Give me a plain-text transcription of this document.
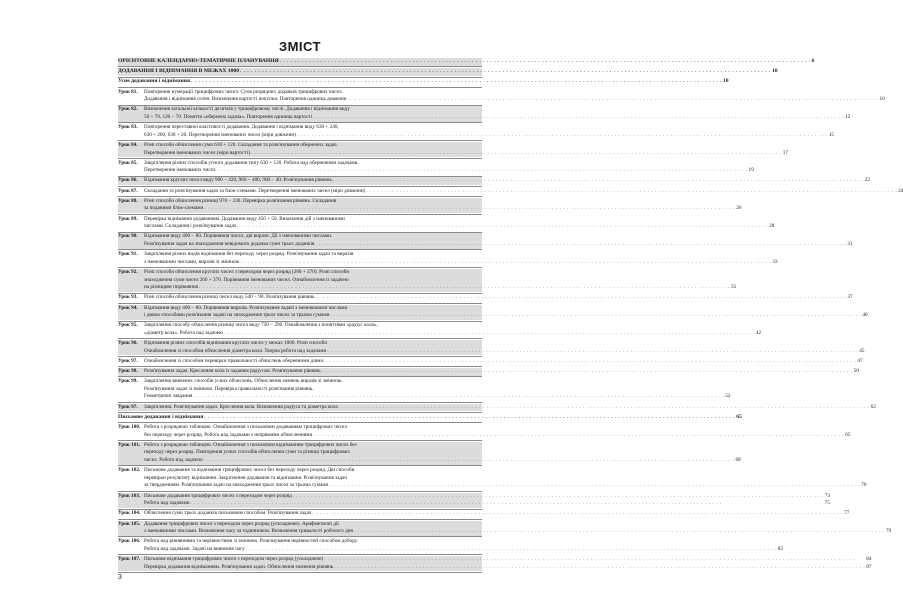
ЗМІСТ
ОРІЄНТОВНЕ КАЛЕНДАРНО-ТЕМАТИЧНЕ ПЛАНУВАННЯ . . .	6
ДОДАВАННЯ І ВІДНІМАННЯ В МЕЖАХ 1000 . . .	10
Усне додавання і віднімання . . .	10
Урок 81.	Повторення нумерації трицифрових чисел. Сума розрядних доданків трицифрових чисел.
Додавання і віднімання сотен. Визначення вартості покупки. Повторення одиниць довжини . . .	10
Урок 82.	Визначення загальної кількості десятків у трицифровому числі. Додавання і віднімання виду
50 + 70, 120 − 70. Поняття «обернена задача». Повторення одиниць вартості . . .	12
Урок 83.	Повторення переставної властивості додавання. Додавання і віднімання виду 630 + 240,
630 + 200, 630 + 20. Перетворення іменованих чисел (міри довжини) . . .	15
Урок 84.	Різні способи обчислення суми 630 + 120. Складання та розв'язування обернених задач.
Перетворення іменованих чисел (міри вартості) . . .	17
Урок 85.	Закріплення різних способів усного додавання типу 630 + 120. Робота над оберненими задачами.
Перетворення іменованих чисел . . .	19
Урок 86.	Віднімання круглих чисел виду 960 − 420, 960 − 400, 960 − 40. Розв'язування рівнянь . . .	22
Урок 87.	Складання та розв'язування задач за блок-схемами. Перетворення іменованих чисел (міри довжини) . . .	24
Урок 88.	Різні способи обчислення різниці 970 − 230. Перевірка розв'язання рівнянь. Складання
за поданими блок-схемами . . .	26
Урок 89.	Перевірка віднімання додаванням. Додавання виду 450 + 50. Виконання дій з іменованими
числами. Складання і розв'язування задач . . .	28
Урок 90.	Віднімання виду 400 − 80. Порівняння чисел, дві вирази. Дії з іменованими числами.
Розв'язування задач на знаходження невідомого доданка суми трьох доданків . . .	31
Урок 91.	Закріплення різних видів віднімання без переходу через розряд. Розв'язування задач та виразів
з іменованими числами, виразів зі змінною . . .	33
Урок 92.	Різні способи обчислення круглих чисел з переходом через розряд (260 + 370). Різні способи
знаходження суми чисел 260 + 370. Порівняння іменованих чисел. Ознайомлення із задачею
на різницеве порівняння . . .	35
Урок 93.	Різні способи обчислення різниці чисел виду 540 − 90. Розв'язування рівнянь . . .	37
Урок 94.	Віднімання виду 400 − 80. Порівняння виразів. Розв'язування задачі з іменованими числами
і двома способами розв'язання задачі на знаходження трьох чисел за трьома сумами . . .	40
Урок 95.	Закріплення способу обчислення різниці чисел виду 730 − 290. Ознайомлення з поняттями «радіус кола»,
«діаметр кола». Робота над задачею . . .	42
Урок 96.	Віднімання різних способів віднімання круглих чисел у межах 1000. Різні способи
Ознайомлення зі способом обчислення діаметра кола. Творча робота над задачами . . .	45
Урок 97.	Ознайомлення зі способом перевірки правильності обчислень оберненими діями. . . .	47
Урок 98.	Розв'язування задач. Креслення кола із заданим радіусом. Розв'язування рівнянь . . .	50
Урок 99.	Закріплення вивчених способів усних обчислень. Обчислення значень виразів зі змінною.
Розв'язування задач зі змінною. Перевірка правильності розв'язання рівнянь.
Геометричні завдання . . .	52
Урок 97.	Закріплення. Розв'язування задач. Креслення кола. Визначення радіуса та діаметра кола . . .	62
Письмове додавання і віднімання . . .	65
Урок 100. Робота з розрядною таблицею. Ознайомлення з письмовим додаванням трицифрових чисел
без переходу через розряд. Робота над задачами з непрямими обчисленнями . . .	65
Урок 101. Робота з розрядною таблицею. Ознайомлення з письмовим відніманням трицифрових чисел без
переходу через розряд. Повторення усних способів обчислення суми та різниці трицифрових
чисел. Робота над задачею . . .	68
Урок 102. Письмове додавання та віднімання трицифрових чисел без переходу через розряд. Дві способи
перевірки результату віднімання. Закріплення додавання та віднімання. Розв'язування задач
за твердженням. Розв'язування задач на знаходження трьох чисел за трьома сумами . . .	70
Урок 103. Письмове додавання трицифрових чисел з переходом через розряд . . .	73
Робота над задачами . . .	75
Урок 104. Обчислення суми трьох доданків письмовим способом. Розв'язування задач . . .	77
Урок 105. Додавання трицифрових чисел з переходом через розряд (ускладнене). Арифметичні дії
з іменованими числами. Визначення часу за годинником. Визначення тривалості робочого дня . . .	79
Урок 106. Робота над рівняннями та нерівностями зі змінною. Розв'язування нерівностей способом добору.
Робота над задачами. Задачі на вивчення часу . . .	82
Урок 107. Письмове віднімання трицифрових чисел з переходом через розряд (ускладнене) . . .	84
Перевірка додавання відніманням. Розв'язування задач. Обчислення значення рівнянь . . .	87
3
